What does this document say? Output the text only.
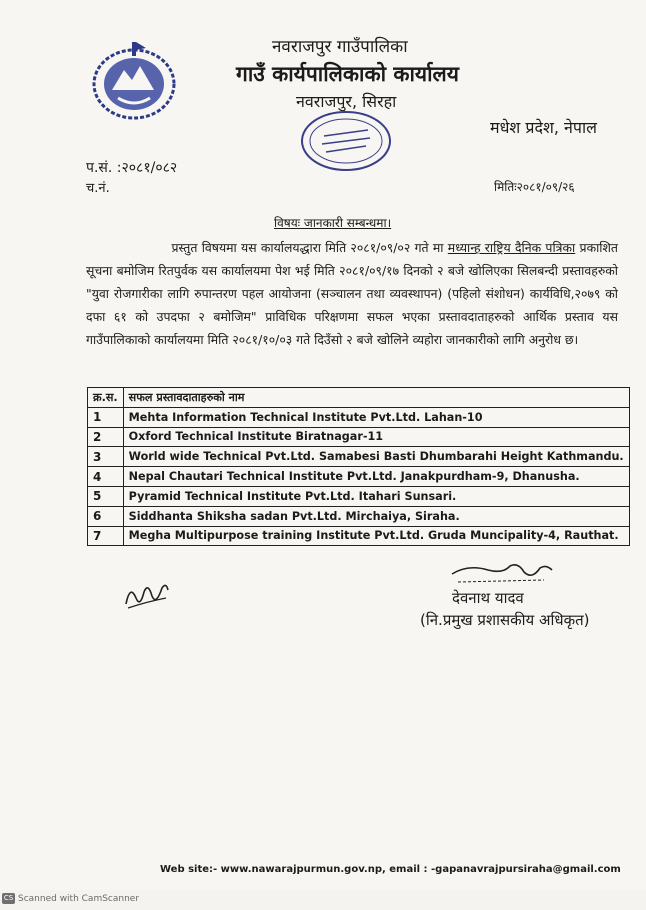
नवराजपुर गाउँपालिका
गाउँ कार्यपालिकाको कार्यालय
नवराजपुर, सिरहा
मधेश प्रदेश, नेपाल
प.सं. :२०८१/०८२
च.नं.	मितिः२०८१/०९/२६
विषयः जानकारी सम्बन्धमा।
प्रस्तुत विषयमा यस कार्यालयद्धारा मिति २०८१/०९/०२ गते मा मध्यान्ह राष्ट्रिय दैनिक पत्रिका प्रकाशित सूचना बमोजिम रितपुर्वक यस कार्यालयमा पेश भई मिति २०८१/०९/१७ दिनको २ बजे खोलिएका सिलबन्दी प्रस्तावहरुको "युवा रोजगारीका लागि रुपान्तरण पहल आयोजना (सञ्चालन तथा व्यवस्थापन) (पहिलो संशोधन) कार्यविधि,२०७९ को दफा ६१ को उपदफा २ बमोजिम" प्राविधिक परिक्षणमा सफल भएका प्रस्तावदाताहरुको आर्थिक प्रस्ताव यस गाउँपालिकाको कार्यालयमा मिति २०८१/१०/०३ गते दिउँसो २ बजे खोलिने व्यहोरा जानकारीको लागि अनुरोध छ।
क्र.स.	सफल प्रस्तावदाताहरुको नाम
1	Mehta Information Technical Institute Pvt.Ltd. Lahan-10
2	Oxford Technical Institute Biratnagar-11
3	World wide Technical Pvt.Ltd. Samabesi Basti Dhumbarahi Height Kathmandu.
4	Nepal Chautari Technical Institute Pvt.Ltd. Janakpurdham-9, Dhanusha.
5	Pyramid Technical Institute Pvt.Ltd. Itahari Sunsari.
6	Siddhanta Shiksha sadan Pvt.Ltd. Mirchaiya, Siraha.
7	Megha Multipurpose training Institute Pvt.Ltd. Gruda Muncipality-4, Rauthat.
देवनाथ यादव
(नि.प्रमुख प्रशासकीय अधिकृत)
Web site:- www.nawarajpurmun.gov.np, email : -gapanavrajpursiraha@gmail.com
CS Scanned with CamScanner
